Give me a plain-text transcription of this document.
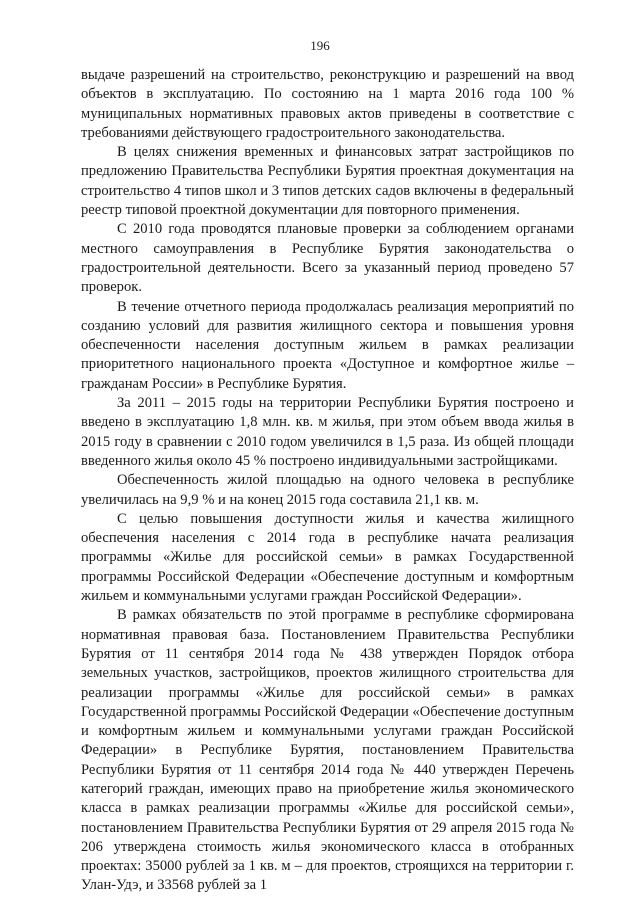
196

выдаче разрешений на строительство, реконструкцию и разрешений на ввод объектов в эксплуатацию. По состоянию на 1 марта 2016 года 100 % муниципальных нормативных правовых актов приведены в соответствие с требованиями действующего градостроительного законодательства.

В целях снижения временных и финансовых затрат застройщиков по предложению Правительства Республики Бурятия проектная документация на строительство 4 типов школ и 3 типов детских садов включены в федеральный реестр типовой проектной документации для повторного применения.

С 2010 года проводятся плановые проверки за соблюдением органами местного самоуправления в Республике Бурятия законодательства о градостроительной деятельности. Всего за указанный период проведено 57 проверок.

В течение отчетного периода продолжалась реализация мероприятий по созданию условий для развития жилищного сектора и повышения уровня обеспеченности населения доступным жильем в рамках реализации приоритетного национального проекта «Доступное и комфортное жилье – гражданам России» в Республике Бурятия.

За 2011 – 2015 годы на территории Республики Бурятия построено и введено в эксплуатацию 1,8 млн. кв. м жилья, при этом объем ввода жилья в 2015 году в сравнении с 2010 годом увеличился в 1,5 раза. Из общей площади введенного жилья около 45 % построено индивидуальными застройщиками.

Обеспеченность жилой площадью на одного человека в республике увеличилась на 9,9 % и на конец 2015 года составила 21,1 кв. м.

С целью повышения доступности жилья и качества жилищного обеспечения населения с 2014 года в республике начата реализация программы «Жилье для российской семьи» в рамках Государственной программы Российской Федерации «Обеспечение доступным и комфортным жильем и коммунальными услугами граждан Российской Федерации».

В рамках обязательств по этой программе в республике сформирована нормативная правовая база. Постановлением Правительства Республики Бурятия от 11 сентября 2014 года № 438 утвержден Порядок отбора земельных участков, застройщиков, проектов жилищного строительства для реализации программы «Жилье для российской семьи» в рамках Государственной программы Российской Федерации «Обеспечение доступным и комфортным жильем и коммунальными услугами граждан Российской Федерации» в Республике Бурятия, постановлением Правительства Республики Бурятия от 11 сентября 2014 года № 440 утвержден Перечень категорий граждан, имеющих право на приобретение жилья экономического класса в рамках реализации программы «Жилье для российской семьи», постановлением Правительства Республики Бурятия от 29 апреля 2015 года № 206 утверждена стоимость жилья экономического класса в отобранных проектах: 35000 рублей за 1 кв. м – для проектов, строящихся на территории г. Улан-Удэ, и 33568 рублей за 1
